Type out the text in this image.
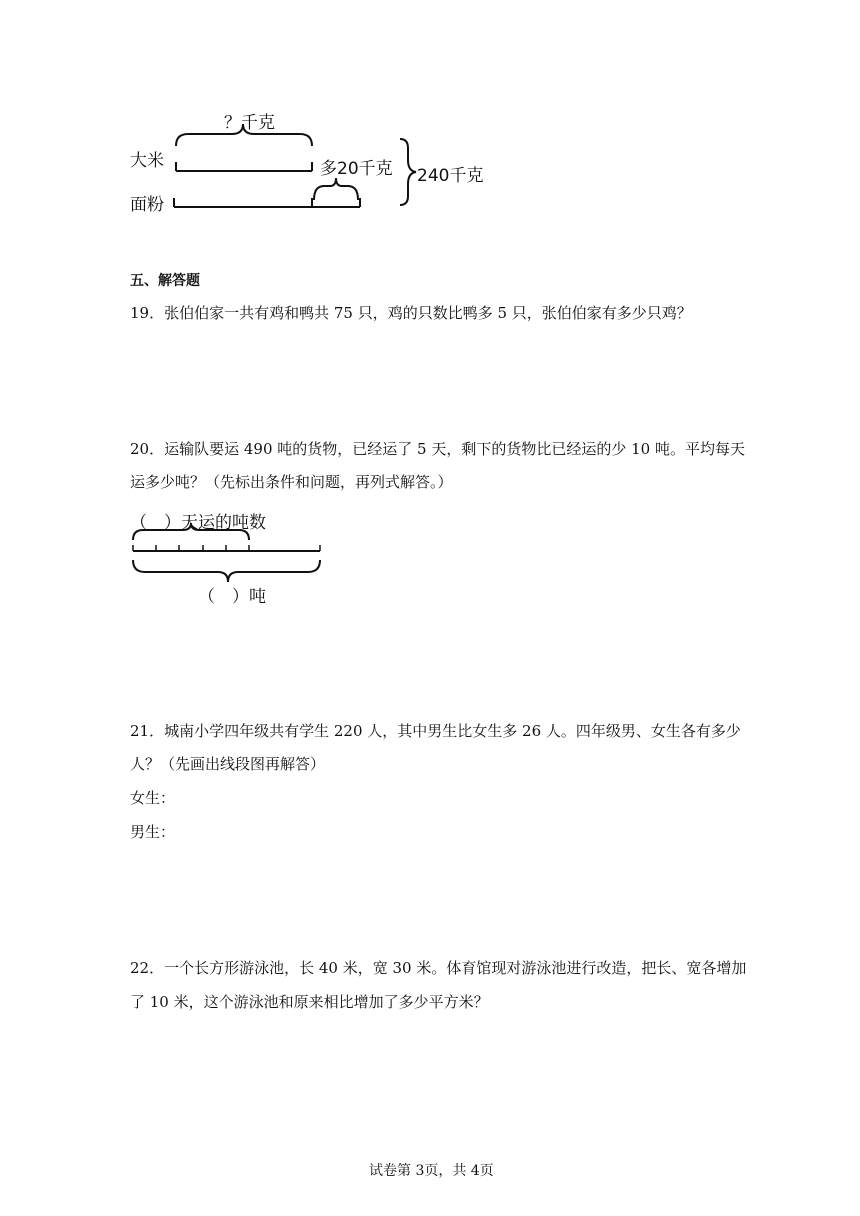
？千克
大米
面粉
多20千克 240千克
五、解答题
19．张伯伯家一共有鸡和鸭共 75 只，鸡的只数比鸭多 5 只，张伯伯家有多少只鸡？
20．运输队要运 490 吨的货物，已经运了 5 天，剩下的货物比已经运的少 10 吨。平均每天
运多少吨？（先标出条件和问题，再列式解答。）
（　）天运的吨数
（　）吨
21．城南小学四年级共有学生 220 人，其中男生比女生多 26 人。四年级男、女生各有多少
人？（先画出线段图再解答）
女生：
男生：
22．一个长方形游泳池，长 40 米，宽 30 米。体育馆现对游泳池进行改造，把长、宽各增加
了 10 米，这个游泳池和原来相比增加了多少平方米？
试卷第 3页，共 4页
